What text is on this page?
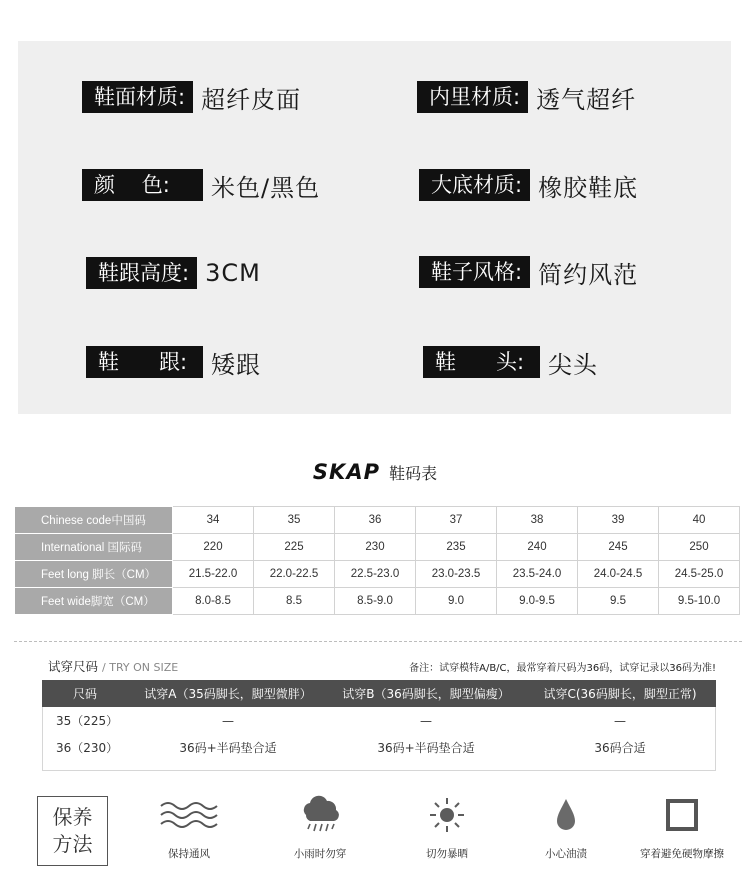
鞋面材质: 超纤皮面	内里材质: 透气超纤
颜    色:	米色/黑色	大底材质: 橡胶鞋底
鞋跟高度: 3CM	鞋子风格: 简约风范
鞋      跟: 矮跟	鞋      头: 尖头
SKAP 鞋码表
Chinese code中国码	34	35	36	37	38	39	40
International 国际码	220	225	230	235	240	245	250
Feet long 脚长（CM）	21.5-22.0	22.0-22.5	22.5-23.0	23.0-23.5	23.5-24.0	24.0-24.5	24.5-25.0
Feet wide脚宽（CM）	8.0-8.5	8.5	8.5-9.0	9.0	9.0-9.5	9.5	9.5-10.0
试穿尺码 / TRY ON SIZE	备注：试穿模特A/B/C，最常穿着尺码为36码，试穿记录以36码为准!
尺码	试穿A（35码脚长，脚型微胖）	试穿B（36码脚长，脚型偏瘦）	试穿C(36码脚长，脚型正常)
35（225）	—	—	—
36（230）	36码+半码垫合适	36码+半码垫合适	36码合适
保养
方法	保持通风	小雨时勿穿	切勿暴晒	小心油渍	穿着避免硬物摩擦
